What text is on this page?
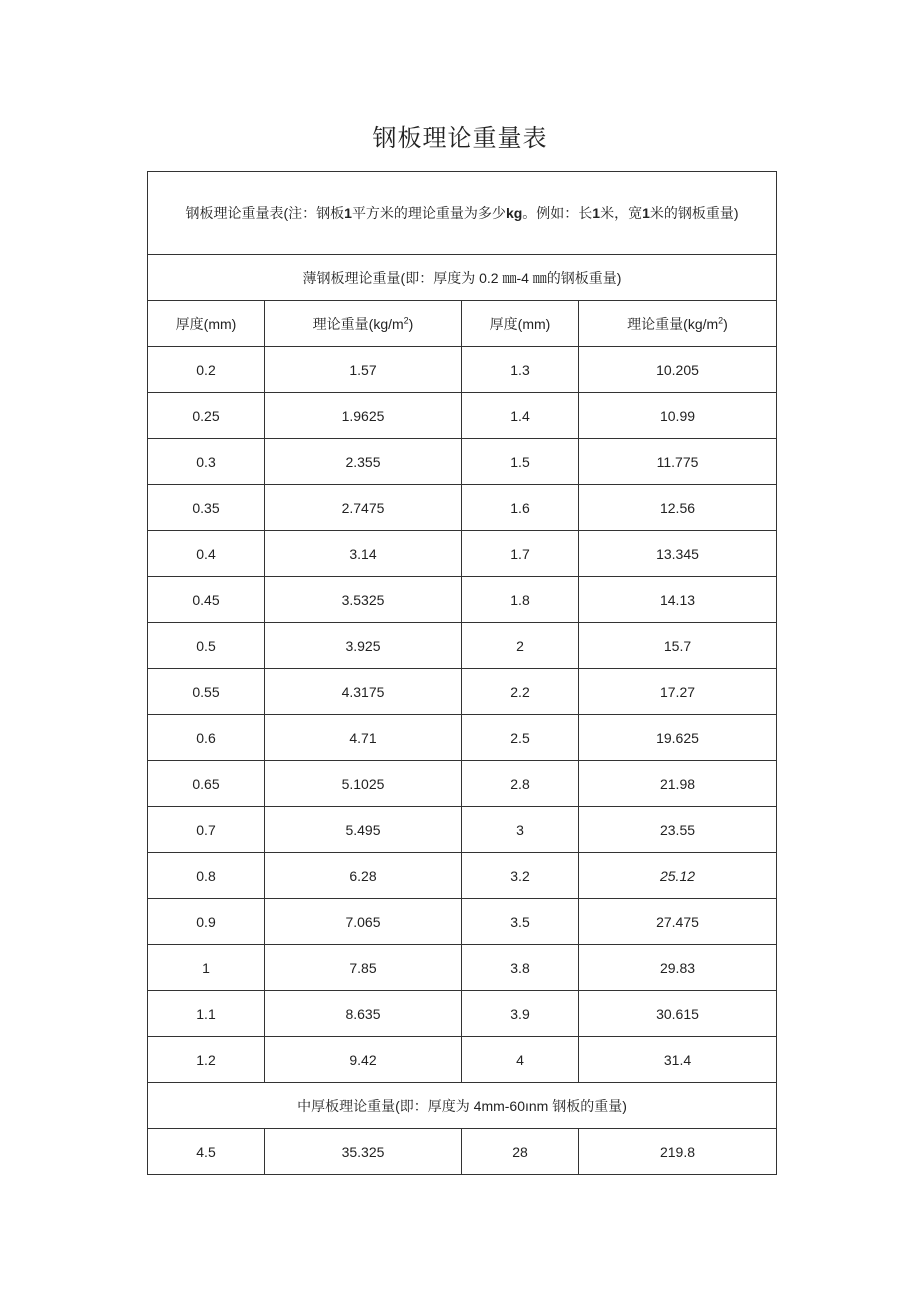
钢板理论重量表
钢板理论重量表(注：钢板1平方米的理论重量为多少kg。例如：长1米，宽1米的钢板重量)			
薄钢板理论重量(即：厚度为 0.2 ㎜-4 ㎜的钢板重量)			
厚度(mm)	理论重量$(kg/m^2)$	厚度(mm)	理论重量$(kg/m^2)$
0.2	1.57	1.3	10.205
0.25	1.9625	1.4	10.99
0.3	2.355	1.5	11.775
0.35	2.7475	1.6	12.56
0.4	3.14	1.7	13.345
0.45	3.5325	1.8	14.13
0.5	3.925	2	15.7
0.55	4.3175	2.2	17.27
0.6	4.71	2.5	19.625
0.65	5.1025	2.8	21.98
0.7	5.495	3	23.55
0.8	6.28	3.2	25.12
0.9	7.065	3.5	27.475
1	7.85	3.8	29.83
1.1	8.635	3.9	30.615
1.2	9.42	4	31.4
中厚板理论重量(即：厚度为 4mm-60ınm 钢板的重量)			
4.5	35.325	28	219.8
